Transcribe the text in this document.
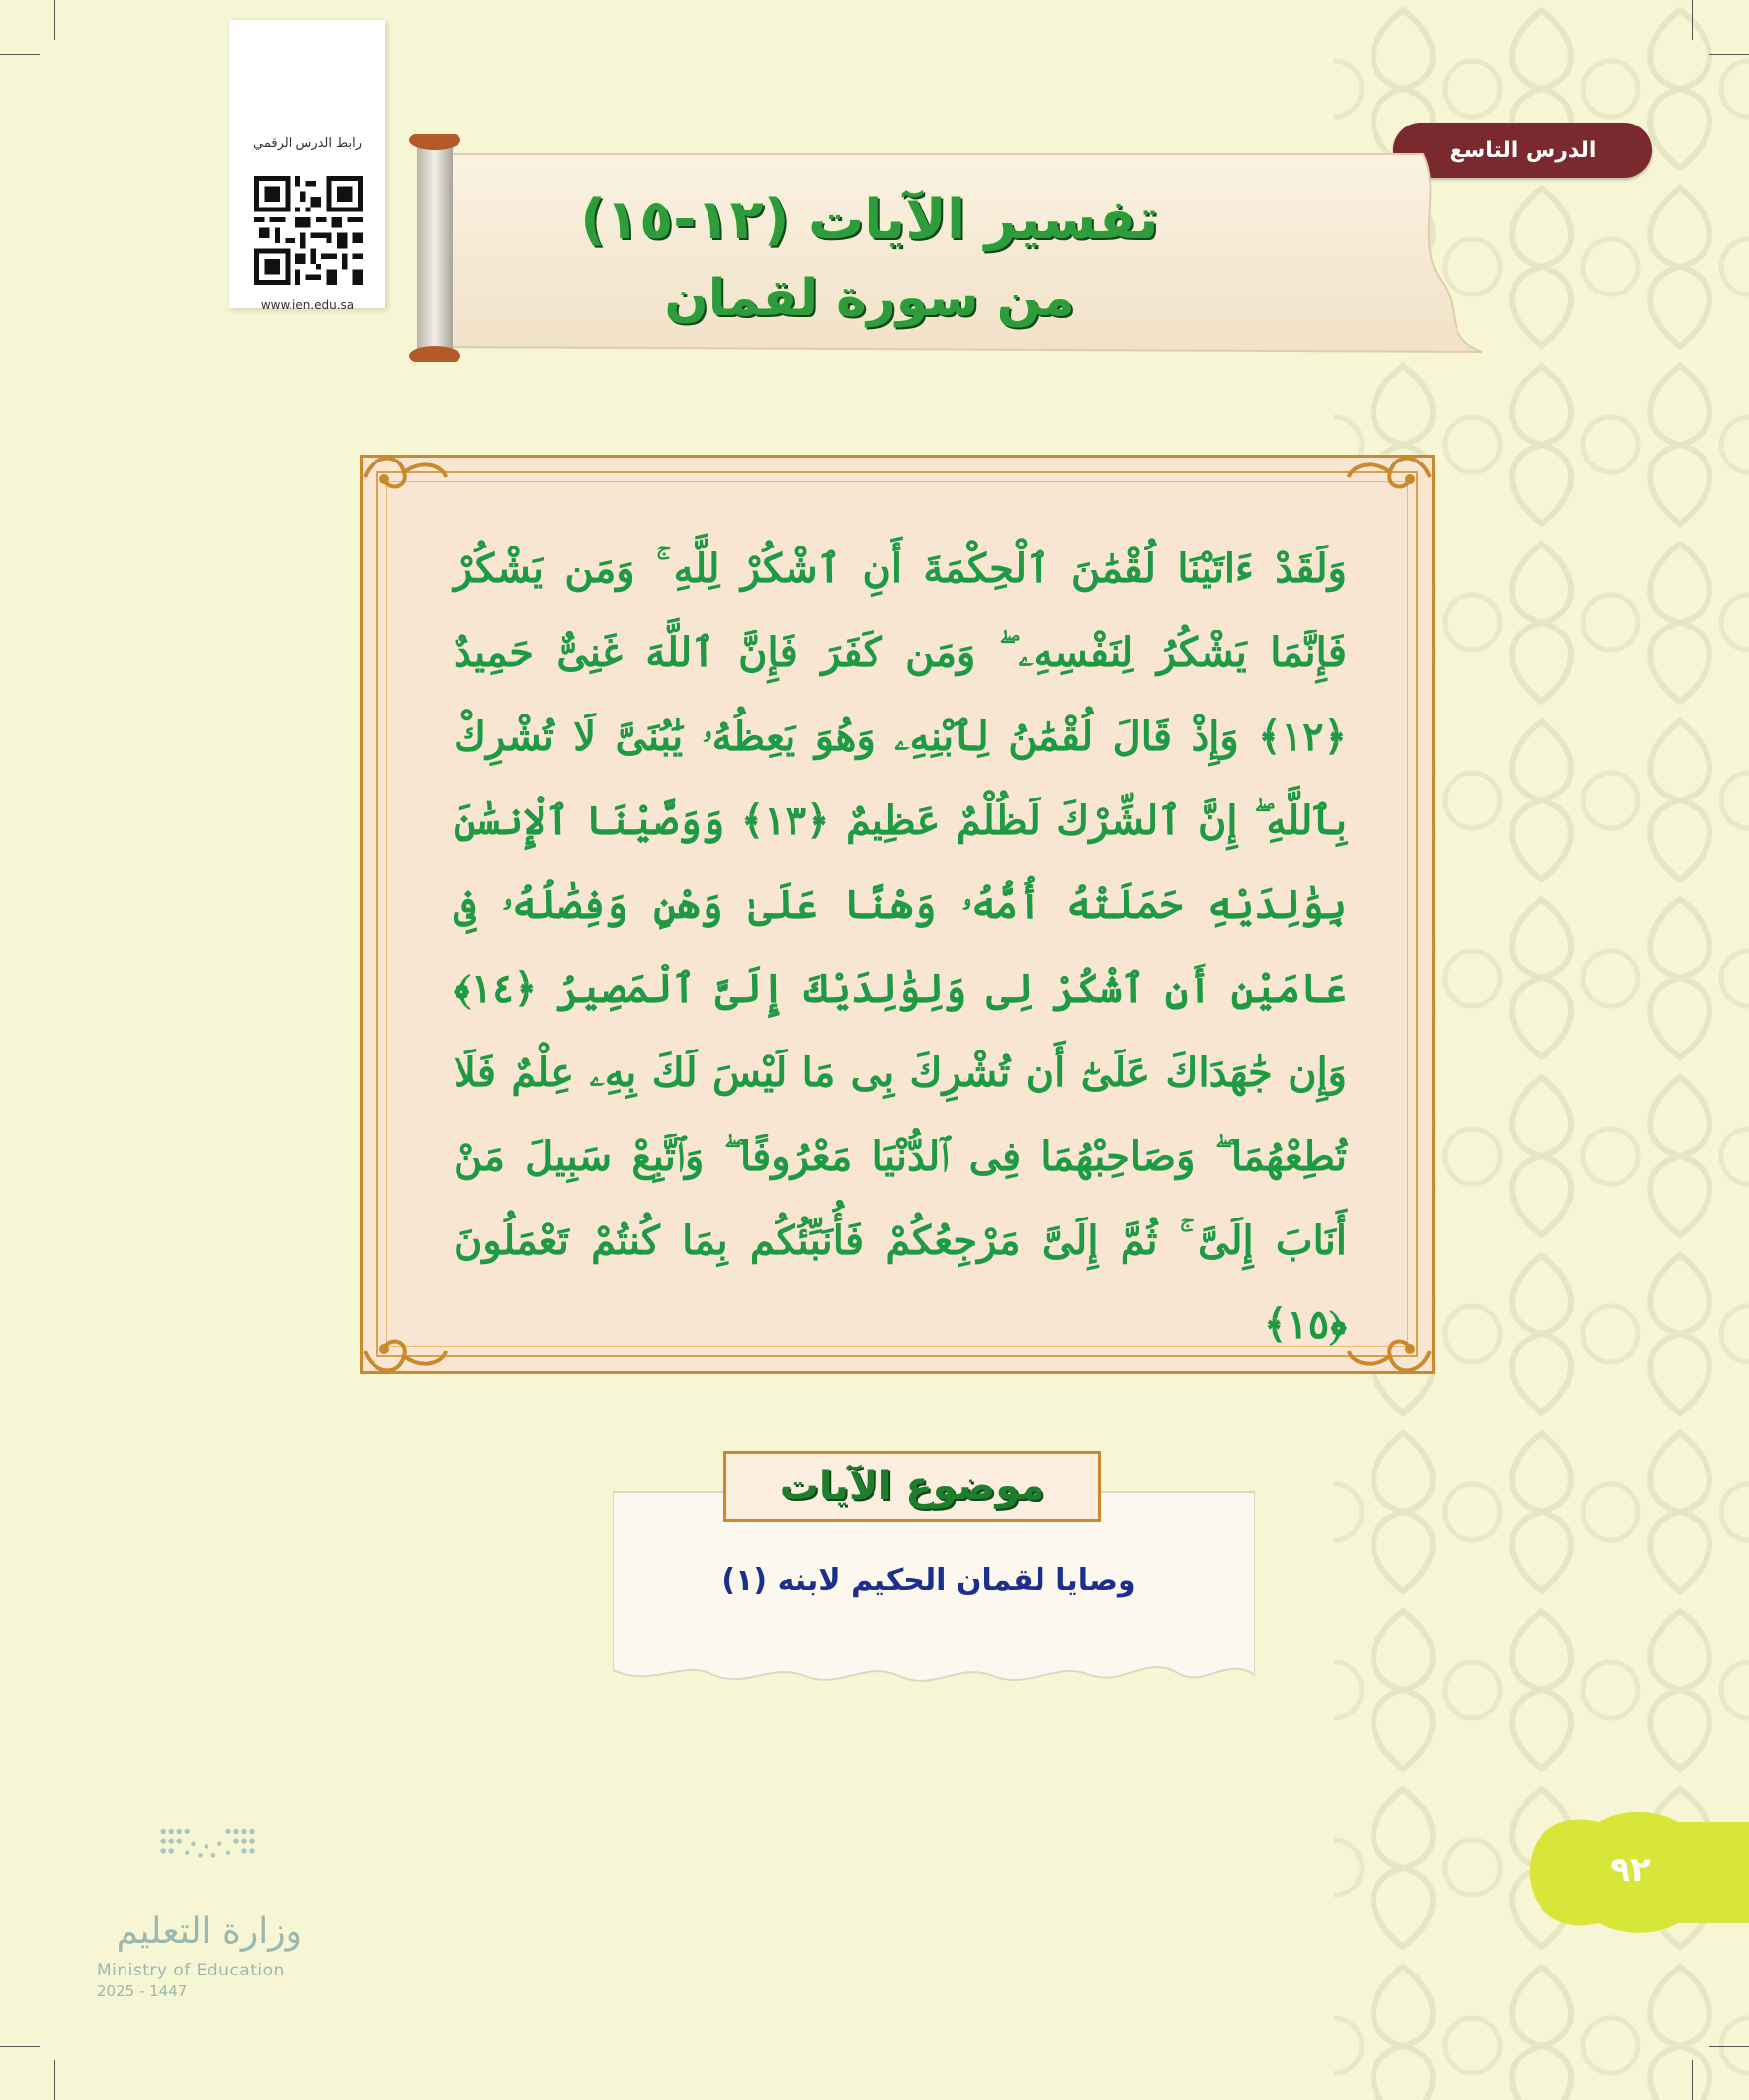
رابط الدرس الرقمي
www.ien.edu.sa
الدرس التاسع
تفسير الآيات (١٢-١٥)
من سورة لقمان
وَلَقَدْ ءَاتَيْنَا لُقْمَٰنَ ٱلْحِكْمَةَ أَنِ ٱشْكُرْ لِلَّهِ ۚ وَمَن يَشْكُرْ فَإِنَّمَا يَشْكُرُ لِنَفْسِهِۦ ۖ وَمَن كَفَرَ فَإِنَّ ٱللَّهَ غَنِىٌّ حَمِيدٌ ﴿١٢﴾ وَإِذْ قَالَ لُقْمَٰنُ لِٱبْنِهِۦ وَهُوَ يَعِظُهُۥ يَٰبُنَىَّ لَا تُشْرِكْ بِٱللَّهِ ۖ إِنَّ ٱلشِّرْكَ لَظُلْمٌ عَظِيمٌ ﴿١٣﴾ وَوَصَّيْنَا ٱلْإِنسَٰنَ بِوَٰلِدَيْهِ حَمَلَتْهُ أُمُّهُۥ وَهْنًا عَلَىٰ وَهْنٍ وَفِصَٰلُهُۥ فِى عَامَيْنِ أَنِ ٱشْكُرْ لِى وَلِوَٰلِدَيْكَ إِلَىَّ ٱلْمَصِيرُ ﴿١٤﴾ وَإِن جَٰهَدَاكَ عَلَىٰٓ أَن تُشْرِكَ بِى مَا لَيْسَ لَكَ بِهِۦ عِلْمٌ فَلَا تُطِعْهُمَا ۖ وَصَاحِبْهُمَا فِى ٱلدُّنْيَا مَعْرُوفًا ۖ وَٱتَّبِعْ سَبِيلَ مَنْ أَنَابَ إِلَىَّ ۚ ثُمَّ إِلَىَّ مَرْجِعُكُمْ فَأُنَبِّئُكُم بِمَا كُنتُمْ تَعْمَلُونَ ﴿١٥﴾
موضوع الآيات
وصايا لقمان الحكيم لابنه (١)
٩٢
وزارة التعليم
Ministry of Education
2025 - 1447
